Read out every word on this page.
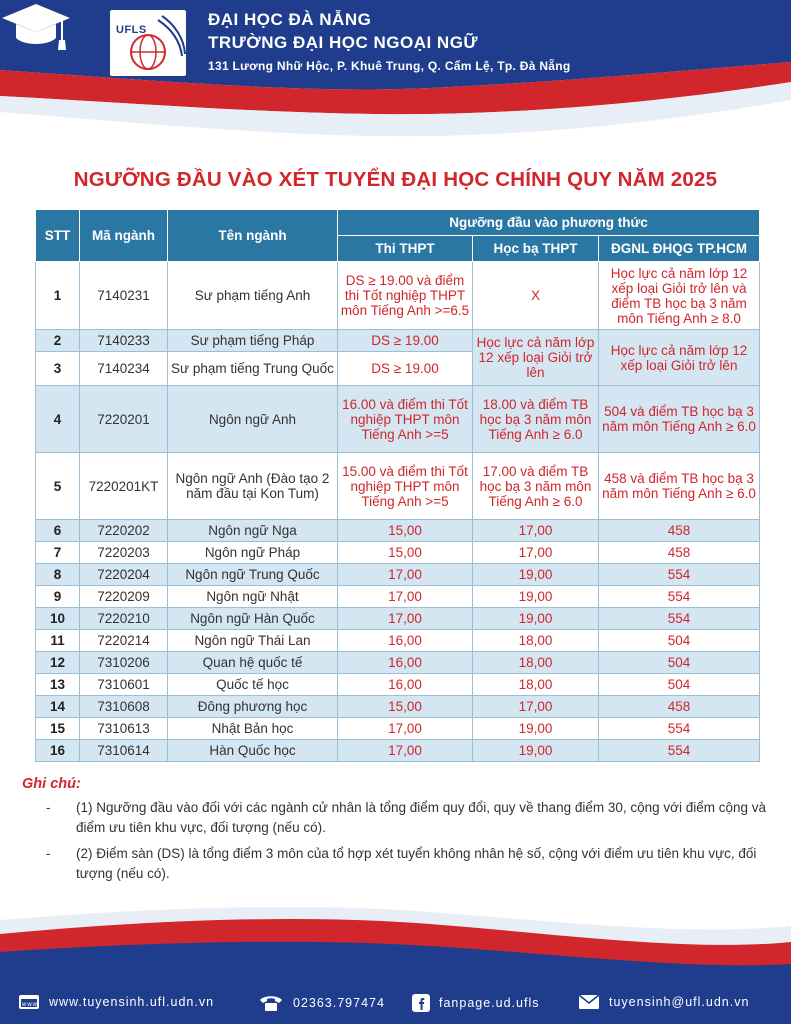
UFLS
ĐẠI HỌC ĐÀ NẴNG
TRƯỜNG ĐẠI HỌC NGOẠI NGỮ
131 Lương Nhữ Hộc, P. Khuê Trung, Q. Cẩm Lệ, Tp. Đà Nẵng
NGƯỠNG ĐẦU VÀO XÉT TUYỂN ĐẠI HỌC CHÍNH QUY NĂM 2025
STT	Mã ngành	Tên ngành	Ngưỡng đầu vào phương thức		
			Thi THPT	Học bạ THPT	ĐGNL ĐHQG TP.HCM
1	7140231	Sư phạm tiếng Anh	DS ≥ 19.00 và điểm thi Tốt nghiệp THPT môn Tiếng Anh >=6.5	X	Học lực cả năm lớp 12 xếp loại Giỏi trở lên và điểm TB học bạ 3 năm môn Tiếng Anh ≥ 8.0
2	7140233	Sư phạm tiếng Pháp	DS ≥ 19.00	Học lực cả năm lớp 12 xếp loại Giỏi trở lên	Học lực cả năm lớp 12 xếp loại Giỏi trở lên
3	7140234	Sư phạm tiếng Trung Quốc	DS ≥ 19.00		
4	7220201	Ngôn ngữ Anh	16.00 và điểm thi Tốt nghiệp THPT môn Tiếng Anh >=5	18.00 và điểm TB học bạ 3 năm môn Tiếng Anh ≥ 6.0	504 và điểm TB học bạ 3 năm môn Tiếng Anh ≥ 6.0
5	7220201KT	Ngôn ngữ Anh (Đào tạo 2 năm đầu tại Kon Tum)	15.00 và điểm thi Tốt nghiệp THPT môn Tiếng Anh >=5	17.00 và điểm TB học bạ 3 năm môn Tiếng Anh ≥ 6.0	458 và điểm TB học bạ 3 năm môn Tiếng Anh ≥ 6.0
6	7220202	Ngôn ngữ Nga	15,00	17,00	458
7	7220203	Ngôn ngữ Pháp	15,00	17,00	458
8	7220204	Ngôn ngữ Trung Quốc	17,00	19,00	554
9	7220209	Ngôn ngữ Nhật	17,00	19,00	554
10	7220210	Ngôn ngữ Hàn Quốc	17,00	19,00	554
11	7220214	Ngôn ngữ Thái Lan	16,00	18,00	504
12	7310206	Quan hệ quốc tế	16,00	18,00	504
13	7310601	Quốc tế học	16,00	18,00	504
14	7310608	Đông phương học	15,00	17,00	458
15	7310613	Nhật Bản học	17,00	19,00	554
16	7310614	Hàn Quốc học	17,00	19,00	554
Ghi chú:
- (1) Ngưỡng đầu vào đối với các ngành cử nhân là tổng điểm quy đổi, quy về thang điểm 30, cộng với điểm cộng và điểm ưu tiên khu vực, đối tượng (nếu có).
- (2) Điểm sàn (DS) là tổng điểm 3 môn của tổ hợp xét tuyển không nhân hệ số, cộng với điểm ưu tiên khu vực, đối tượng (nếu có).
www www.tuyensinh.ufl.udn.vn	02363.797474	fanpage.ud.ufls	tuyensinh@ufl.udn.vn
